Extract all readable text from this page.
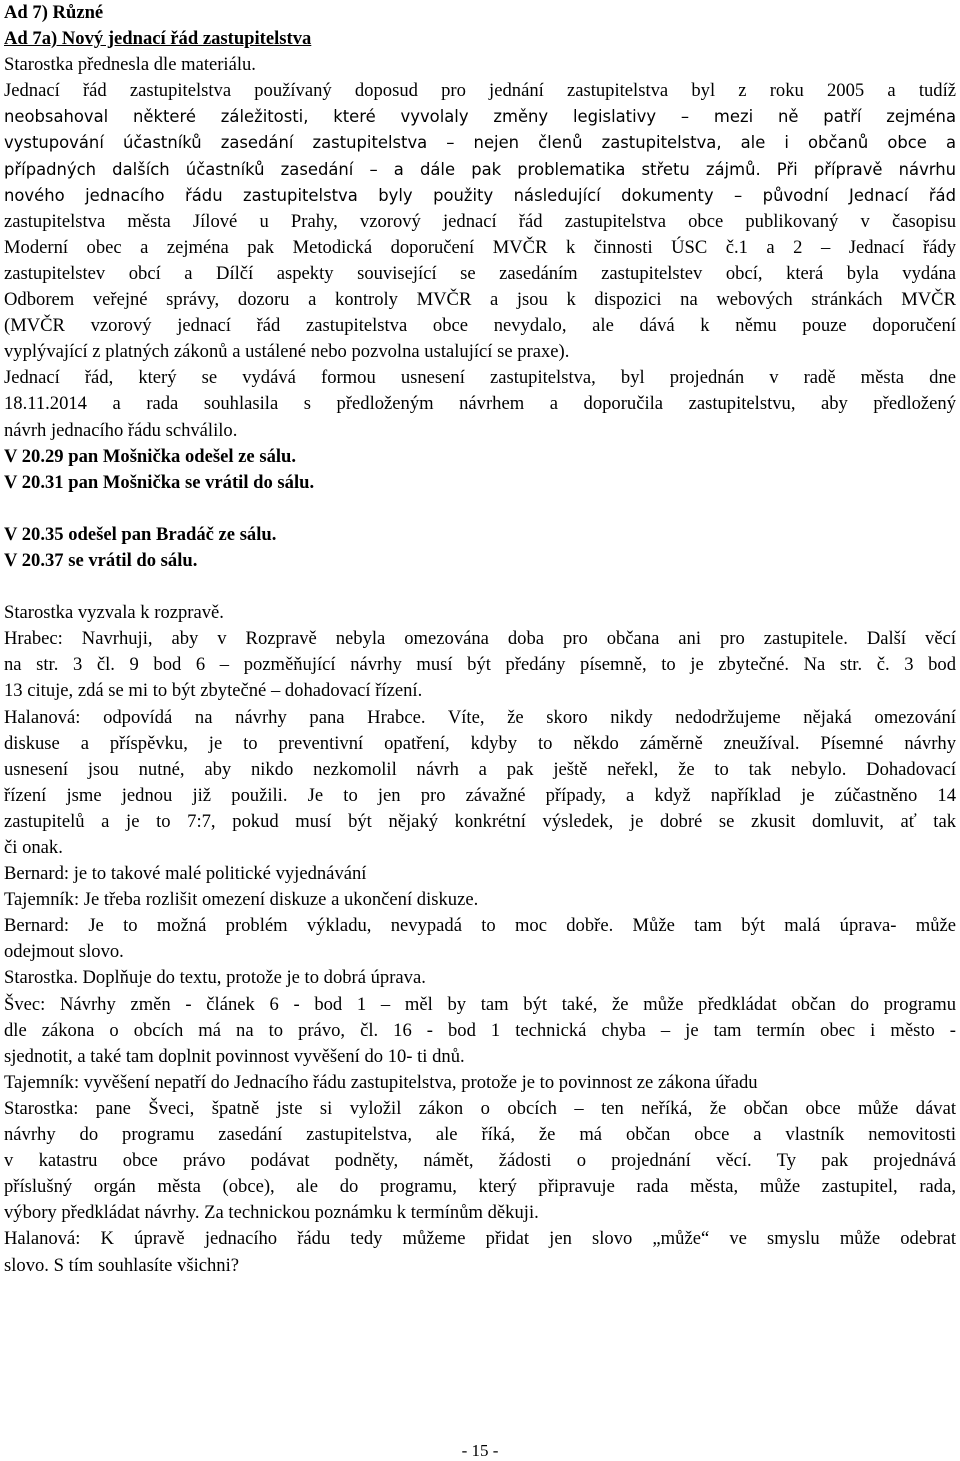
Ad 7) Různé
Ad 7a) Nový jednací řád zastupitelstva
Starostka přednesla dle materiálu.
Jednací řád zastupitelstva používaný doposud pro jednání zastupitelstva byl z roku 2005 a tudíž
neobsahoval některé záležitosti, které vyvolaly změny legislativy – mezi ně patří zejména
vystupování účastníků zasedání zastupitelstva – nejen členů zastupitelstva, ale i občanů obce a
případných dalších účastníků zasedání – a dále pak problematika střetu zájmů. Při přípravě návrhu
nového jednacího řádu zastupitelstva byly použity následující dokumenty – původní Jednací řád
zastupitelstva města Jílové u Prahy, vzorový jednací řád zastupitelstva obce publikovaný v časopisu
Moderní obec a zejména pak Metodická doporučení MVČR k činnosti ÚSC č.1 a 2 – Jednací řády
zastupitelstev obcí a Dílčí aspekty související se zasedáním zastupitelstev obcí, která byla vydána
Odborem veřejné správy, dozoru a kontroly MVČR a jsou k dispozici na webových stránkách MVČR
(MVČR vzorový jednací řád zastupitelstva obce nevydalo, ale dává k němu pouze doporučení
vyplývající z platných zákonů a ustálené nebo pozvolna ustalující se praxe).
Jednací řád, který se vydává formou usnesení zastupitelstva, byl projednán v radě města dne
18.11.2014 a rada souhlasila s předloženým návrhem a doporučila zastupitelstvu, aby předložený
návrh jednacího řádu schválilo.
V 20.29 pan Mošnička odešel ze sálu.
V 20.31 pan Mošnička se vrátil do sálu.
V 20.35 odešel pan Bradáč ze sálu.
V 20.37 se vrátil do sálu.
Starostka vyzvala k rozpravě.
Hrabec: Navrhuji, aby v Rozpravě nebyla omezována doba pro občana ani pro zastupitele. Další věcí
na str. 3 čl. 9 bod 6 – pozměňující návrhy musí být předány písemně, to je zbytečné. Na str. č. 3 bod
13 cituje, zdá se mi to být zbytečné – dohadovací řízení.
Halanová: odpovídá na návrhy pana Hrabce. Víte, že skoro nikdy nedodržujeme nějaká omezování
diskuse a příspěvku, je to preventivní opatření, kdyby to někdo záměrně zneužíval. Písemné návrhy
usnesení jsou nutné, aby nikdo nezkomolil návrh a pak ještě neřekl, že to tak nebylo. Dohadovací
řízení jsme jednou již použili. Je to jen pro závažné případy, a když například je zúčastněno 14
zastupitelů a je to 7:7, pokud musí být nějaký konkrétní výsledek, je dobré se zkusit domluvit, ať tak
či onak.
Bernard: je to takové malé politické vyjednávání
Tajemník: Je třeba rozlišit omezení diskuze a ukončení diskuze.
Bernard: Je to možná problém výkladu, nevypadá to moc dobře. Může tam být malá úprava- může
odejmout slovo.
Starostka. Doplňuje do textu, protože je to dobrá úprava.
Švec: Návrhy změn - článek 6 - bod 1 – měl by tam být také, že může předkládat občan do programu
dle zákona o obcích má na to právo, čl. 16 - bod 1 technická chyba – je tam termín obec i město -
sjednotit, a také tam doplnit povinnost vyvěšení do 10- ti dnů.
Tajemník: vyvěšení nepatří do Jednacího řádu zastupitelstva, protože je to povinnost ze zákona úřadu
Starostka: pane Šveci, špatně jste si vyložil zákon o obcích – ten neříká, že občan obce může dávat
návrhy do programu zasedání zastupitelstva, ale říká, že má občan obce a vlastník nemovitosti
v katastru obce právo podávat podněty, námět, žádosti o projednání věcí. Ty pak projednává
příslušný orgán města (obce), ale do programu, který připravuje rada města, může zastupitel, rada,
výbory předkládat návrhy. Za technickou poznámku k termínům děkuji.
Halanová: K úpravě jednacího řádu tedy můžeme přidat jen slovo „může“ ve smyslu může odebrat
slovo. S tím souhlasíte všichni?
- 15 -
